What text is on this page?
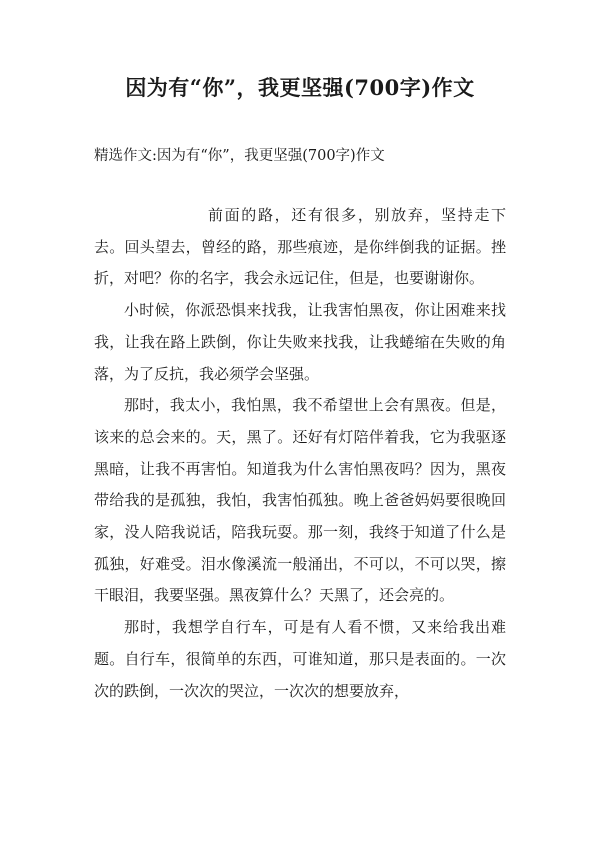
因为有“你”，我更坚强(700字)作文

精选作文:因为有“你”，我更坚强(700字)作文

前面的路，还有很多，别放弃，坚持走下去。回头望去，曾经的路，那些痕迹，是你绊倒我的证据。挫折，对吧？你的名字，我会永远记住，但是，也要谢谢你。

小时候，你派恐惧来找我，让我害怕黑夜，你让困难来找我，让我在路上跌倒，你让失败来找我，让我蜷缩在失败的角落，为了反抗，我必须学会坚强。

那时，我太小，我怕黑，我不希望世上会有黑夜。但是，该来的总会来的。天，黑了。还好有灯陪伴着我，它为我驱逐黑暗，让我不再害怕。知道我为什么害怕黑夜吗？因为，黑夜带给我的是孤独，我怕，我害怕孤独。晚上爸爸妈妈要很晚回家，没人陪我说话，陪我玩耍。那一刻，我终于知道了什么是孤独，好难受。泪水像溪流一般涌出，不可以，不可以哭，擦干眼泪，我要坚强。黑夜算什么？天黑了，还会亮的。

那时，我想学自行车，可是有人看不惯，又来给我出难题。自行车，很简单的东西，可谁知道，那只是表面的。一次次的跌倒，一次次的哭泣，一次次的想要放弃，
